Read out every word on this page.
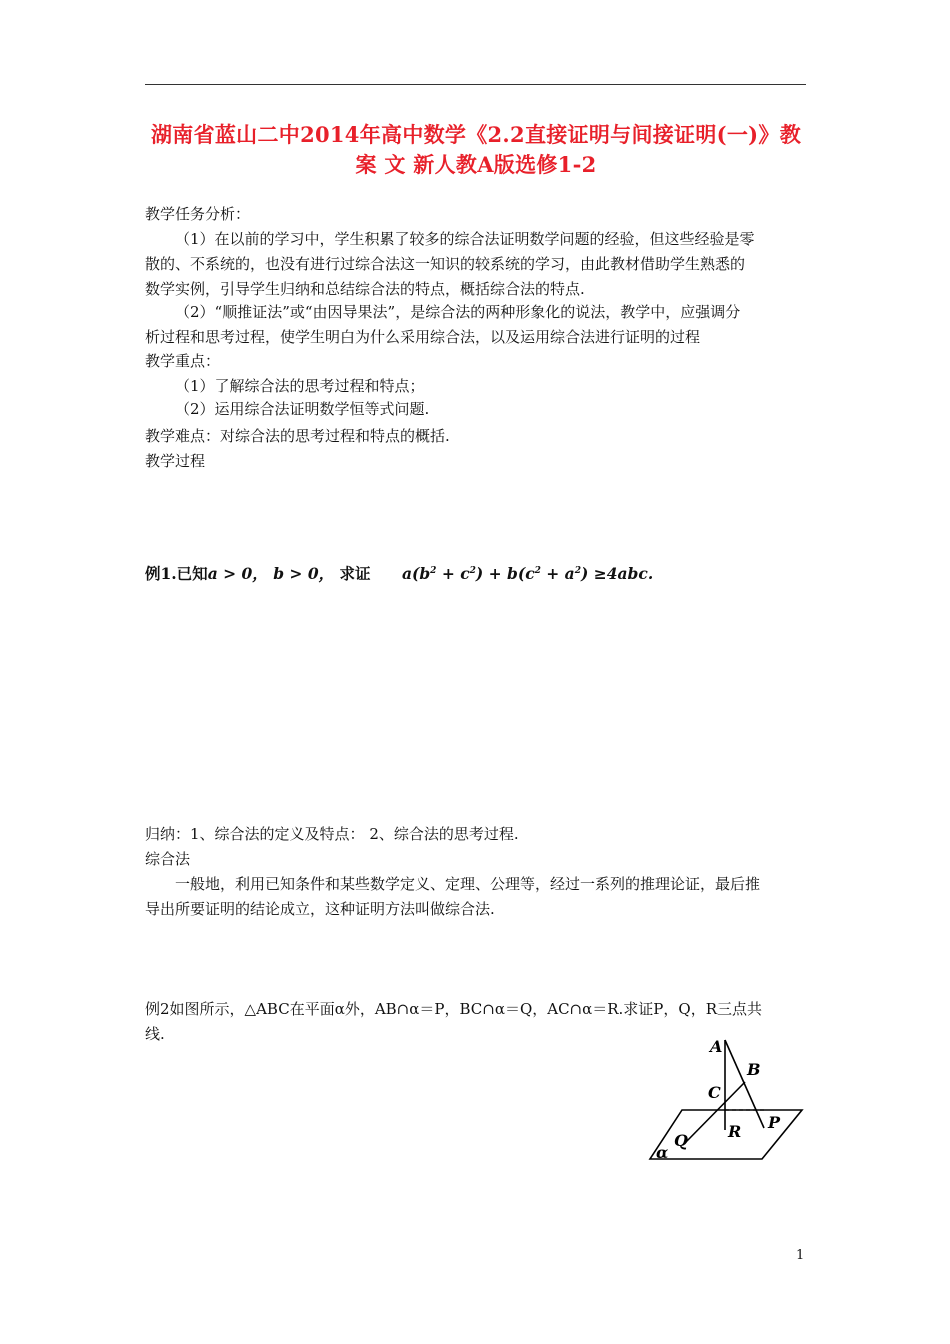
湖南省蓝山二中2014年高中数学《2.2直接证明与间接证明(一)》教
案 文 新人教A版选修1-2
教学任务分析：
（1）在以前的学习中，学生积累了较多的综合法证明数学问题的经验，但这些经验是零
散的、不系统的，也没有进行过综合法这一知识的较系统的学习，由此教材借助学生熟悉的
数学实例，引导学生归纳和总结综合法的特点，概括综合法的特点.
（2）“顺推证法”或“由因导果法”，是综合法的两种形象化的说法，教学中，应强调分
析过程和思考过程，使学生明白为什么采用综合法，以及运用综合法进行证明的过程
教学重点：
（1）了解综合法的思考过程和特点；
（2）运用综合法证明数学恒等式问题.
教学难点：对综合法的思考过程和特点的概括.
教学过程
例1.已知a > 0， b > 0， 求证 $a(b^2 + c^2) + b(c^2 + a^2) \ge 4abc$.
归纳：1、综合法的定义及特点： 2、综合法的思考过程.
综合法
一般地，利用已知条件和某些数学定义、定理、公理等，经过一系列的推理论证，最后推
导出所要证明的结论成立，这种证明方法叫做综合法.
例2如图所示，△ABC在平面α外，AB∩α＝P，BC∩α＝Q，AC∩α＝R.求证P，Q，R三点共
线.
A
B
C
R P
Q
α
1
